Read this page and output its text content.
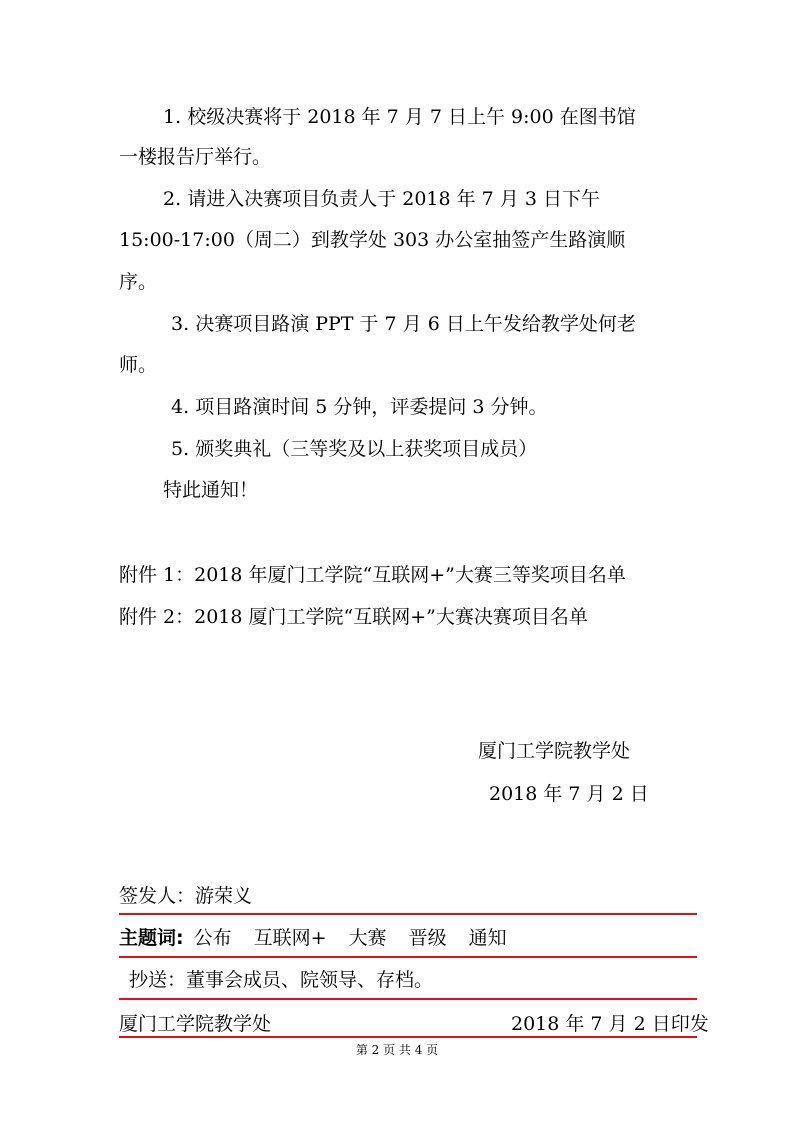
1. 校级决赛将于 2018 年 7 月 7 日上午 9:00 在图书馆
一楼报告厅举行。
2. 请进入决赛项目负责人于 2018 年 7 月 3 日下午
15:00-17:00（周二）到教学处 303 办公室抽签产生路演顺
序。
3. 决赛项目路演 PPT 于 7 月 6 日上午发给教学处何老
师。
4. 项目路演时间 5 分钟，评委提问 3 分钟。
5. 颁奖典礼（三等奖及以上获奖项目成员）
特此通知！
附件 1：2018 年厦门工学院“互联网+”大赛三等奖项目名单
附件 2：2018 厦门工学院“互联网+”大赛决赛项目名单
厦门工学院教学处
2018 年 7 月 2 日
签发人：游荣义
主题词: 公布 互联网+ 大赛 晋级 通知
抄送：董事会成员、院领导、存档。
厦门工学院教学处	2018 年 7 月 2 日印发
第 2 页 共 4 页
